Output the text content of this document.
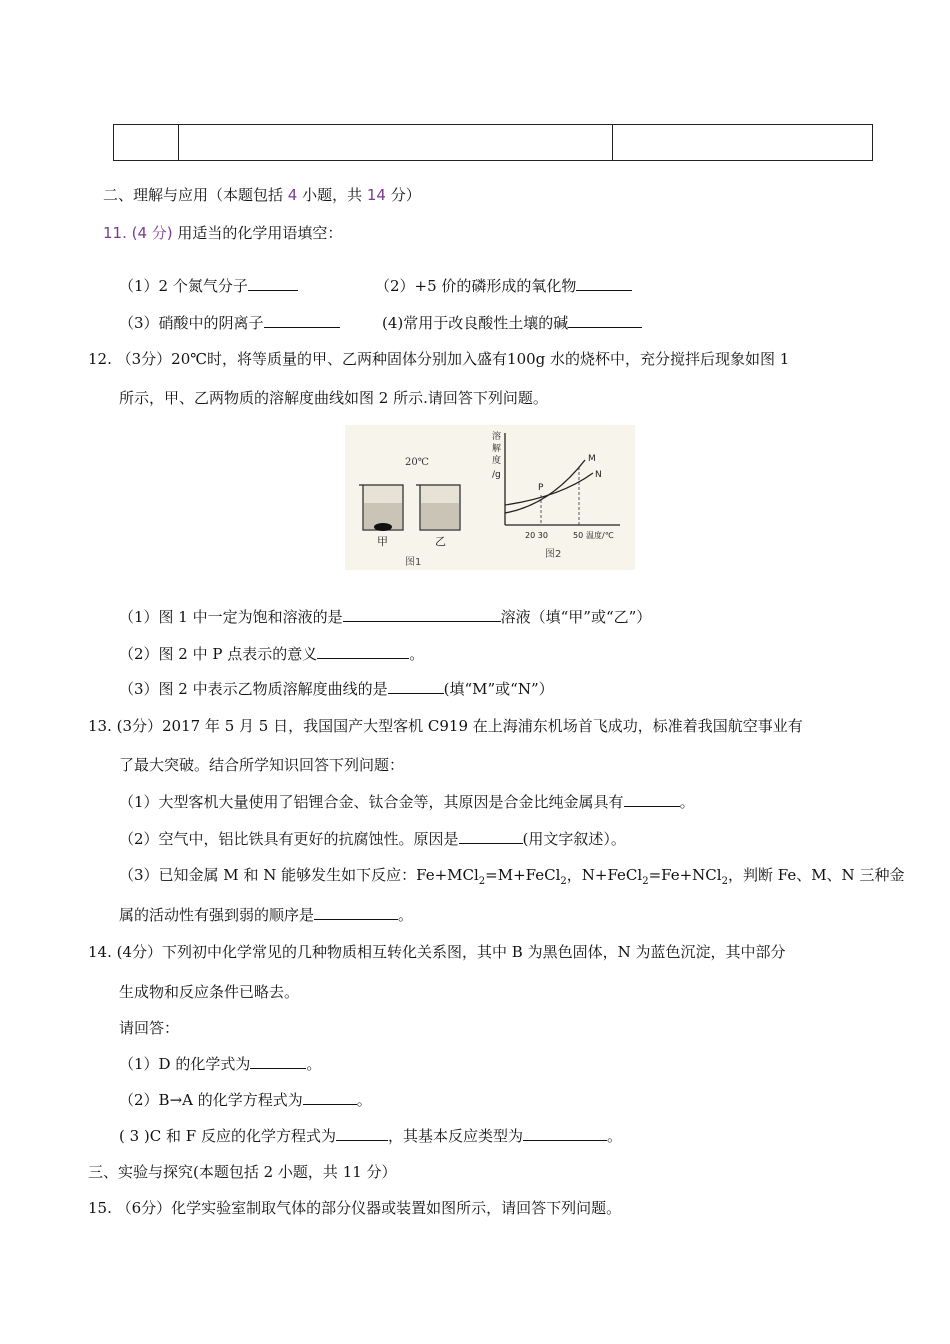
二、理解与应用（本题包括 4 小题，共 14 分）
11. (4 分) 用适当的化学用语填空：
（1）2 个氮气分子	（2）+5 价的磷形成的氧化物
（3）硝酸中的阴离子	(4)常用于改良酸性土壤的碱
12. （3分）20℃时，将等质量的甲、乙两种固体分别加入盛有100g 水的烧杯中，充分搅拌后现象如图 1
所示，甲、乙两物质的溶解度曲线如图 2 所示.请回答下列问题。
20℃
甲	乙
图1
溶 解 度 /g
M
N
P
20 30	50 温度/℃
图2
（1）图 1 中一定为饱和溶液的是	溶液（填“甲”或“乙”）
（2）图 2 中 P 点表示的意义	。
（3）图 2 中表示乙物质溶解度曲线的是	(填“M”或“N”）
13. (3分）2017 年 5 月 5 日，我国国产大型客机 C919 在上海浦东机场首飞成功，标准着我国航空事业有
了最大突破。结合所学知识回答下列问题：
（1）大型客机大量使用了铝锂合金、钛合金等，其原因是合金比纯金属具有	。
（2）空气中，铝比铁具有更好的抗腐蚀性。原因是	(用文字叙述）。
（3）已知金属 M 和 N 能够发生如下反应：Fe+MCl$_2$=M+FeCl$_2$，N+FeCl$_2$=Fe+NCl$_2$，判断 Fe、M、N 三种金
属的活动性有强到弱的顺序是	。
14. (4分）下列初中化学常见的几种物质相互转化关系图，其中 B 为黑色固体，N 为蓝色沉淀，其中部分
生成物和反应条件已略去。
请回答：
（1）D 的化学式为	。
（2）B→A 的化学方程式为	。
( 3 )C 和 F 反应的化学方程式为	，其基本反应类型为	。
三、实验与探究(本题包括 2 小题，共 11 分）
15. （6分）化学实验室制取气体的部分仪器或装置如图所示，请回答下列问题。
